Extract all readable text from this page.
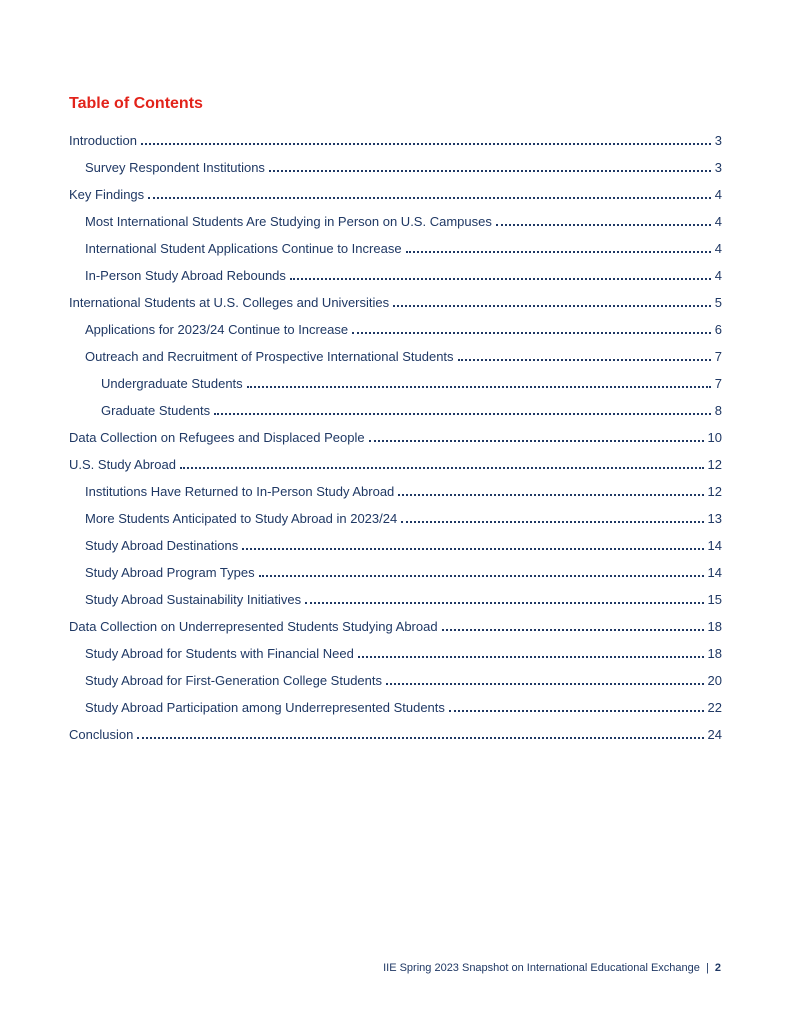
Table of Contents
Introduction	3
Survey Respondent Institutions	3
Key Findings	4
Most International Students Are Studying in Person on U.S. Campuses	4
International Student Applications Continue to Increase	4
In-Person Study Abroad Rebounds	4
International Students at U.S. Colleges and Universities	5
Applications for 2023/24 Continue to Increase	6
Outreach and Recruitment of Prospective International Students	7
Undergraduate Students	7
Graduate Students	8
Data Collection on Refugees and Displaced People	10
U.S. Study Abroad	12
Institutions Have Returned to In-Person Study Abroad	12
More Students Anticipated to Study Abroad in 2023/24	13
Study Abroad Destinations	14
Study Abroad Program Types	14
Study Abroad Sustainability Initiatives	15
Data Collection on Underrepresented Students Studying Abroad	18
Study Abroad for Students with Financial Need	18
Study Abroad for First-Generation College Students	20
Study Abroad Participation among Underrepresented Students	22
Conclusion	24
IIE Spring 2023 Snapshot on International Educational Exchange | 2
